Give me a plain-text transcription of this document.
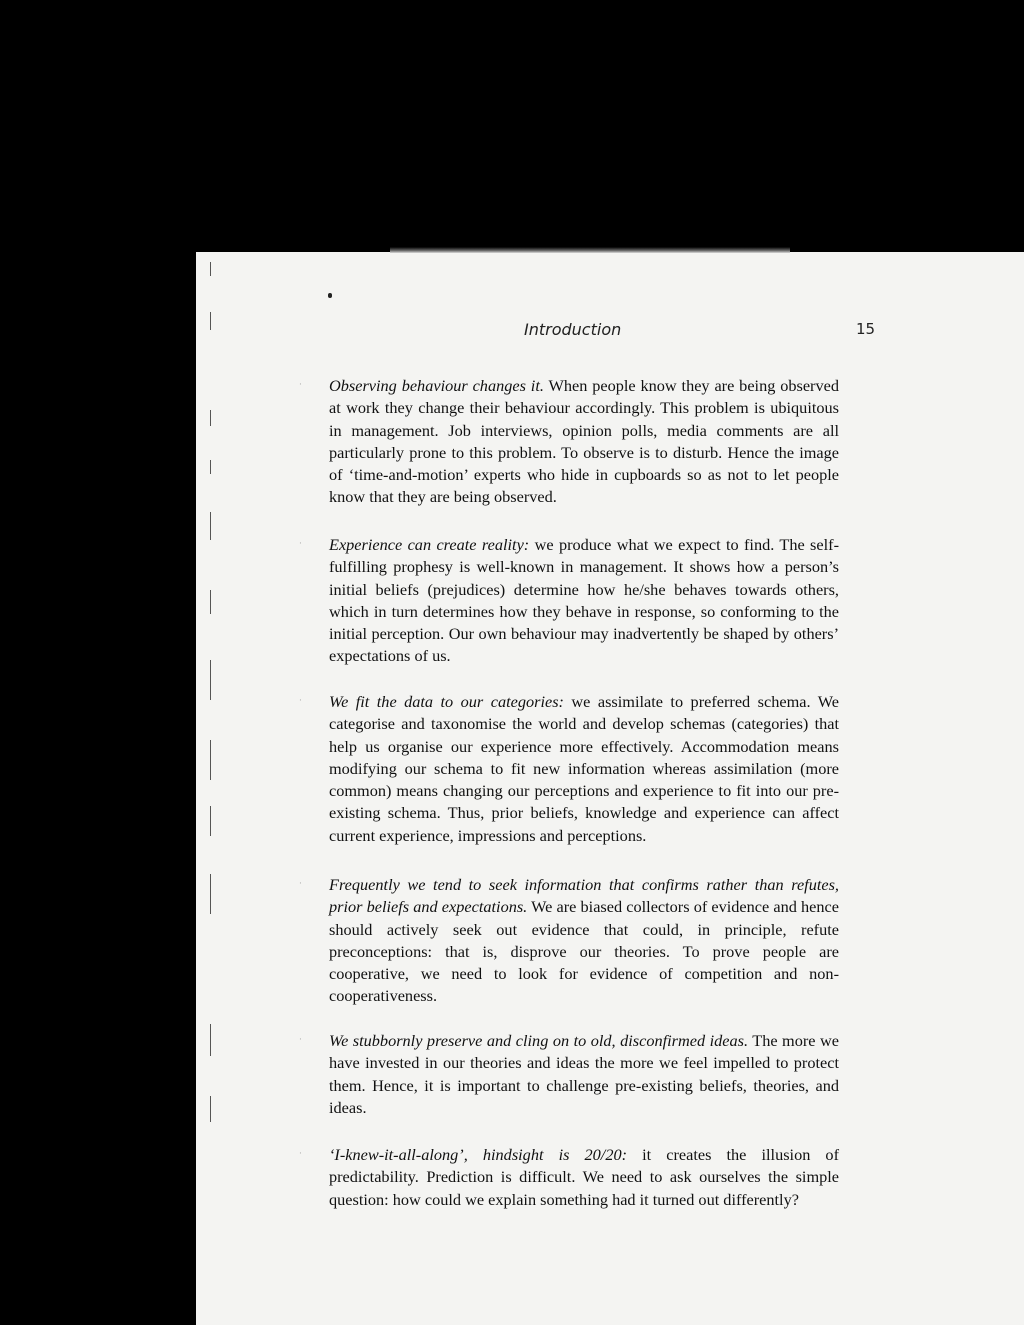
Introduction	15
· Observing behaviour changes it. When people know they are being observed at work they change their behaviour accordingly. This problem is ubiquitous in management. Job interviews, opinion polls, media comments are all particularly prone to this problem. To observe is to disturb. Hence the image of ‘time-and-motion’ experts who hide in cupboards so as not to let people know that they are being observed.

· Experience can create reality: we produce what we expect to find. The self-fulfilling prophesy is well-known in management. It shows how a person’s initial beliefs (prejudices) determine how he/she behaves towards others, which in turn determines how they behave in response, so conforming to the initial perception. Our own behaviour may inadvertently be shaped by others’ expectations of us.

· We fit the data to our categories: we assimilate to preferred schema. We categorise and taxonomise the world and develop schemas (categories) that help us organise our experience more effectively. Accommodation means modifying our schema to fit new information whereas assimilation (more common) means changing our perceptions and experience to fit into our pre-existing schema. Thus, prior beliefs, knowledge and experience can affect current experience, impressions and perceptions.

· Frequently we tend to seek information that confirms rather than refutes, prior beliefs and expectations. We are biased collectors of evidence and hence should actively seek out evidence that could, in principle, refute preconceptions: that is, disprove our theories. To prove people are cooperative, we need to look for evidence of competition and non-cooperativeness.

· We stubbornly preserve and cling on to old, disconfirmed ideas. The more we have invested in our theories and ideas the more we feel impelled to protect them. Hence, it is important to challenge pre-existing beliefs, theories, and ideas.

· ‘I-knew-it-all-along’, hindsight is 20/20: it creates the illusion of predictability. Prediction is difficult. We need to ask ourselves the simple question: how could we explain something had it turned out differently?
